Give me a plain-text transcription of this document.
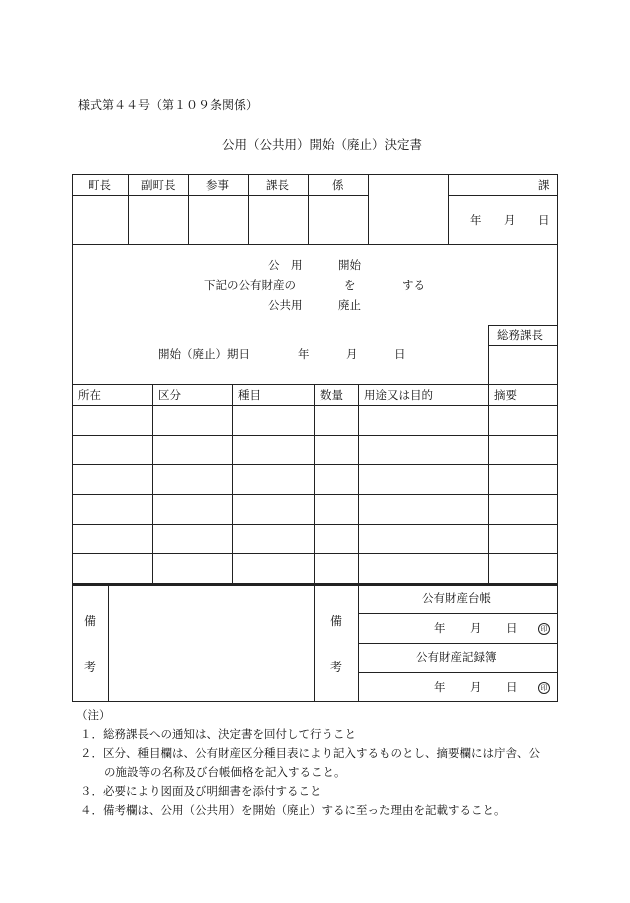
様式第４４号（第１０９条関係）
公用（公共用）開始（廃止）決定書
町長	副町長	参事	課長	係	課
年 月 日
公　用	開始
下記の公有財産の	を	する
公共用	廃止
総務課長
開始（廃止）期日	年	月	日
所在	区分	種目	数量 用途又は目的	摘要
備
考
備
考
公有財産台帳
年 月 日	印
公有財産記録簿
年 月 日	印
（注）
１．総務課長への通知は、決定書を回付して行うこと
２．区分、種目欄は、公有財産区分種目表により記入するものとし、摘要欄には庁舎、公
の施設等の名称及び台帳価格を記入すること。
３．必要により図面及び明細書を添付すること
４．備考欄は、公用（公共用）を開始（廃止）するに至った理由を記載すること。
